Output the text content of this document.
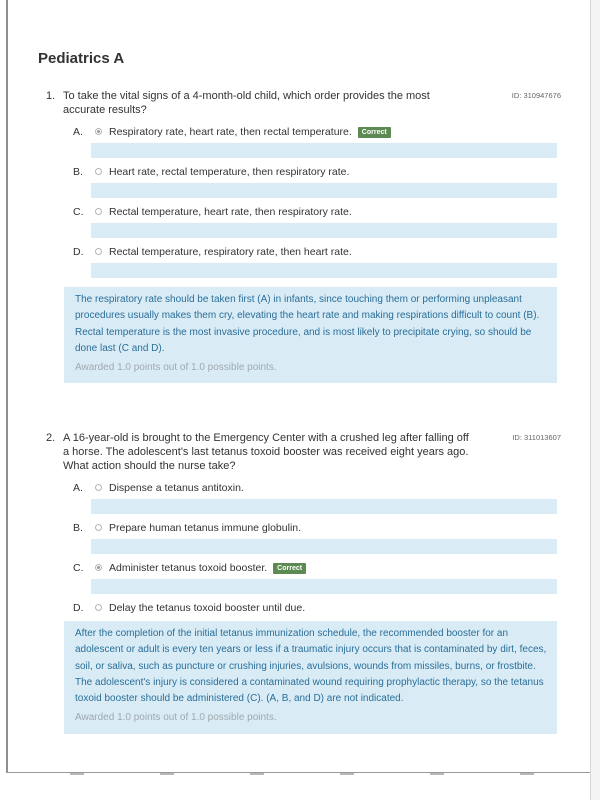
Pediatrics A
1. To take the vital signs of a 4-month-old child, which order provides the most accurate results?
ID: 310947676
A.	Respiratory rate, heart rate, then rectal temperature. Correct
B.	Heart rate, rectal temperature, then respiratory rate.
C.	Rectal temperature, heart rate, then respiratory rate.
D.	Rectal temperature, respiratory rate, then heart rate.
The respiratory rate should be taken first (A) in infants, since touching them or performing unpleasant procedures usually makes them cry, elevating the heart rate and making respirations difficult to count (B). Rectal temperature is the most invasive procedure, and is most likely to precipitate crying, so should be done last (C and D).
Awarded 1.0 points out of 1.0 possible points.
2. A 16-year-old is brought to the Emergency Center with a crushed leg after falling off a horse. The adolescent's last tetanus toxoid booster was received eight years ago. What action should the nurse take?
ID: 311013607
A.	Dispense a tetanus antitoxin.
B.	Prepare human tetanus immune globulin.
C.	Administer tetanus toxoid booster. Correct
D.	Delay the tetanus toxoid booster until due.
After the completion of the initial tetanus immunization schedule, the recommended booster for an adolescent or adult is every ten years or less if a traumatic injury occurs that is contaminated by dirt, feces, soil, or saliva, such as puncture or crushing injuries, avulsions, wounds from missiles, burns, or frostbite. The adolescent's injury is considered a contaminated wound requiring prophylactic therapy, so the tetanus toxoid booster should be administered (C). (A, B, and D) are not indicated.
Awarded 1.0 points out of 1.0 possible points.
